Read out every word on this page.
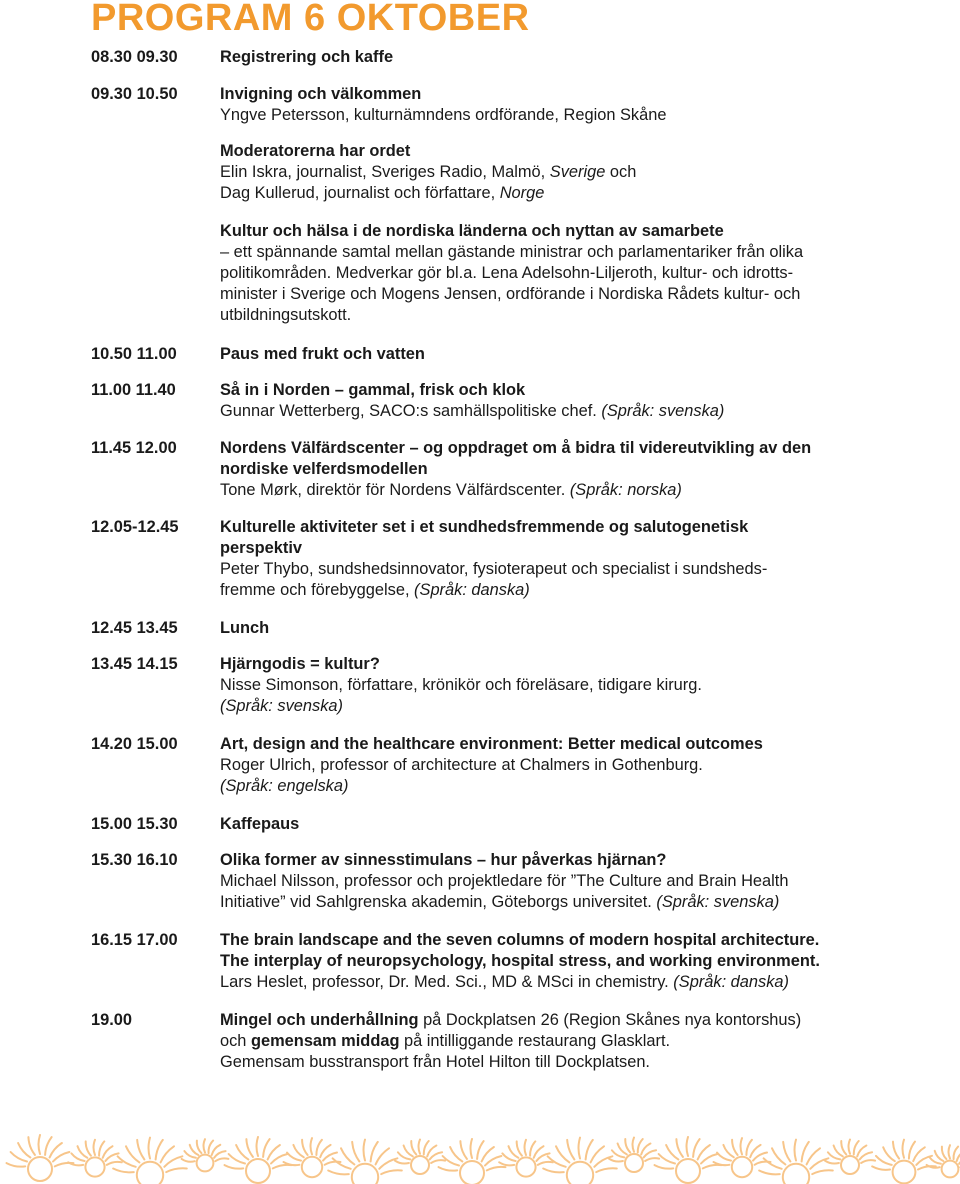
PROGRAM 6 OKTOBER
08.30 09.30	Registrering och kaffe
09.30 10.50	Invigning och välkommen
Yngve Petersson, kulturnämndens ordförande, Region Skåne
Moderatorerna har ordet
Elin Iskra, journalist, Sveriges Radio, Malmö, Sverige och
Dag Kullerud, journalist och författare, Norge
Kultur och hälsa i de nordiska länderna och nyttan av samarbete
– ett spännande samtal mellan gästande ministrar och parlamentariker från olika
politikområden. Medverkar gör bl.a. Lena Adelsohn-Liljeroth, kultur- och idrotts-
minister i Sverige och Mogens Jensen, ordförande i Nordiska Rådets kultur- och
utbildningsutskott.
10.50 11.00	Paus med frukt och vatten
11.00 11.40	Så in i Norden – gammal, frisk och klok
Gunnar Wetterberg, SACO:s samhällspolitiske chef. (Språk: svenska)
11.45 12.00	Nordens Välfärdscenter – og oppdraget om å bidra til videreutvikling av den
nordiske velferdsmodellen
Tone Mørk, direktör för Nordens Välfärdscenter. (Språk: norska)
12.05-12.45	Kulturelle aktiviteter set i et sundhedsfremmende og salutogenetisk
perspektiv
Peter Thybo, sundshedsinnovator, fysioterapeut och specialist i sundsheds-
fremme och förebyggelse, (Språk: danska)
12.45 13.45	Lunch
13.45 14.15	Hjärngodis = kultur?
Nisse Simonson, författare, krönikör och föreläsare, tidigare kirurg.
(Språk: svenska)
14.20 15.00	Art, design and the healthcare environment: Better medical outcomes
Roger Ulrich, professor of architecture at Chalmers in Gothenburg.
(Språk: engelska)
15.00 15.30	Kaffepaus
15.30 16.10	Olika former av sinnesstimulans – hur påverkas hjärnan?
Michael Nilsson, professor och projektledare för ”The Culture and Brain Health
Initiative” vid Sahlgrenska akademin, Göteborgs universitet. (Språk: svenska)
16.15 17.00	The brain landscape and the seven columns of modern hospital architecture.
The interplay of neuropsychology, hospital stress, and working environment.
Lars Heslet, professor, Dr. Med. Sci., MD & MSci in chemistry. (Språk: danska)
19.00	Mingel och underhållning på Dockplatsen 26 (Region Skånes nya kontorshus)
och gemensam middag på intilliggande restaurang Glasklart.
Gemensam busstransport från Hotel Hilton till Dockplatsen.
